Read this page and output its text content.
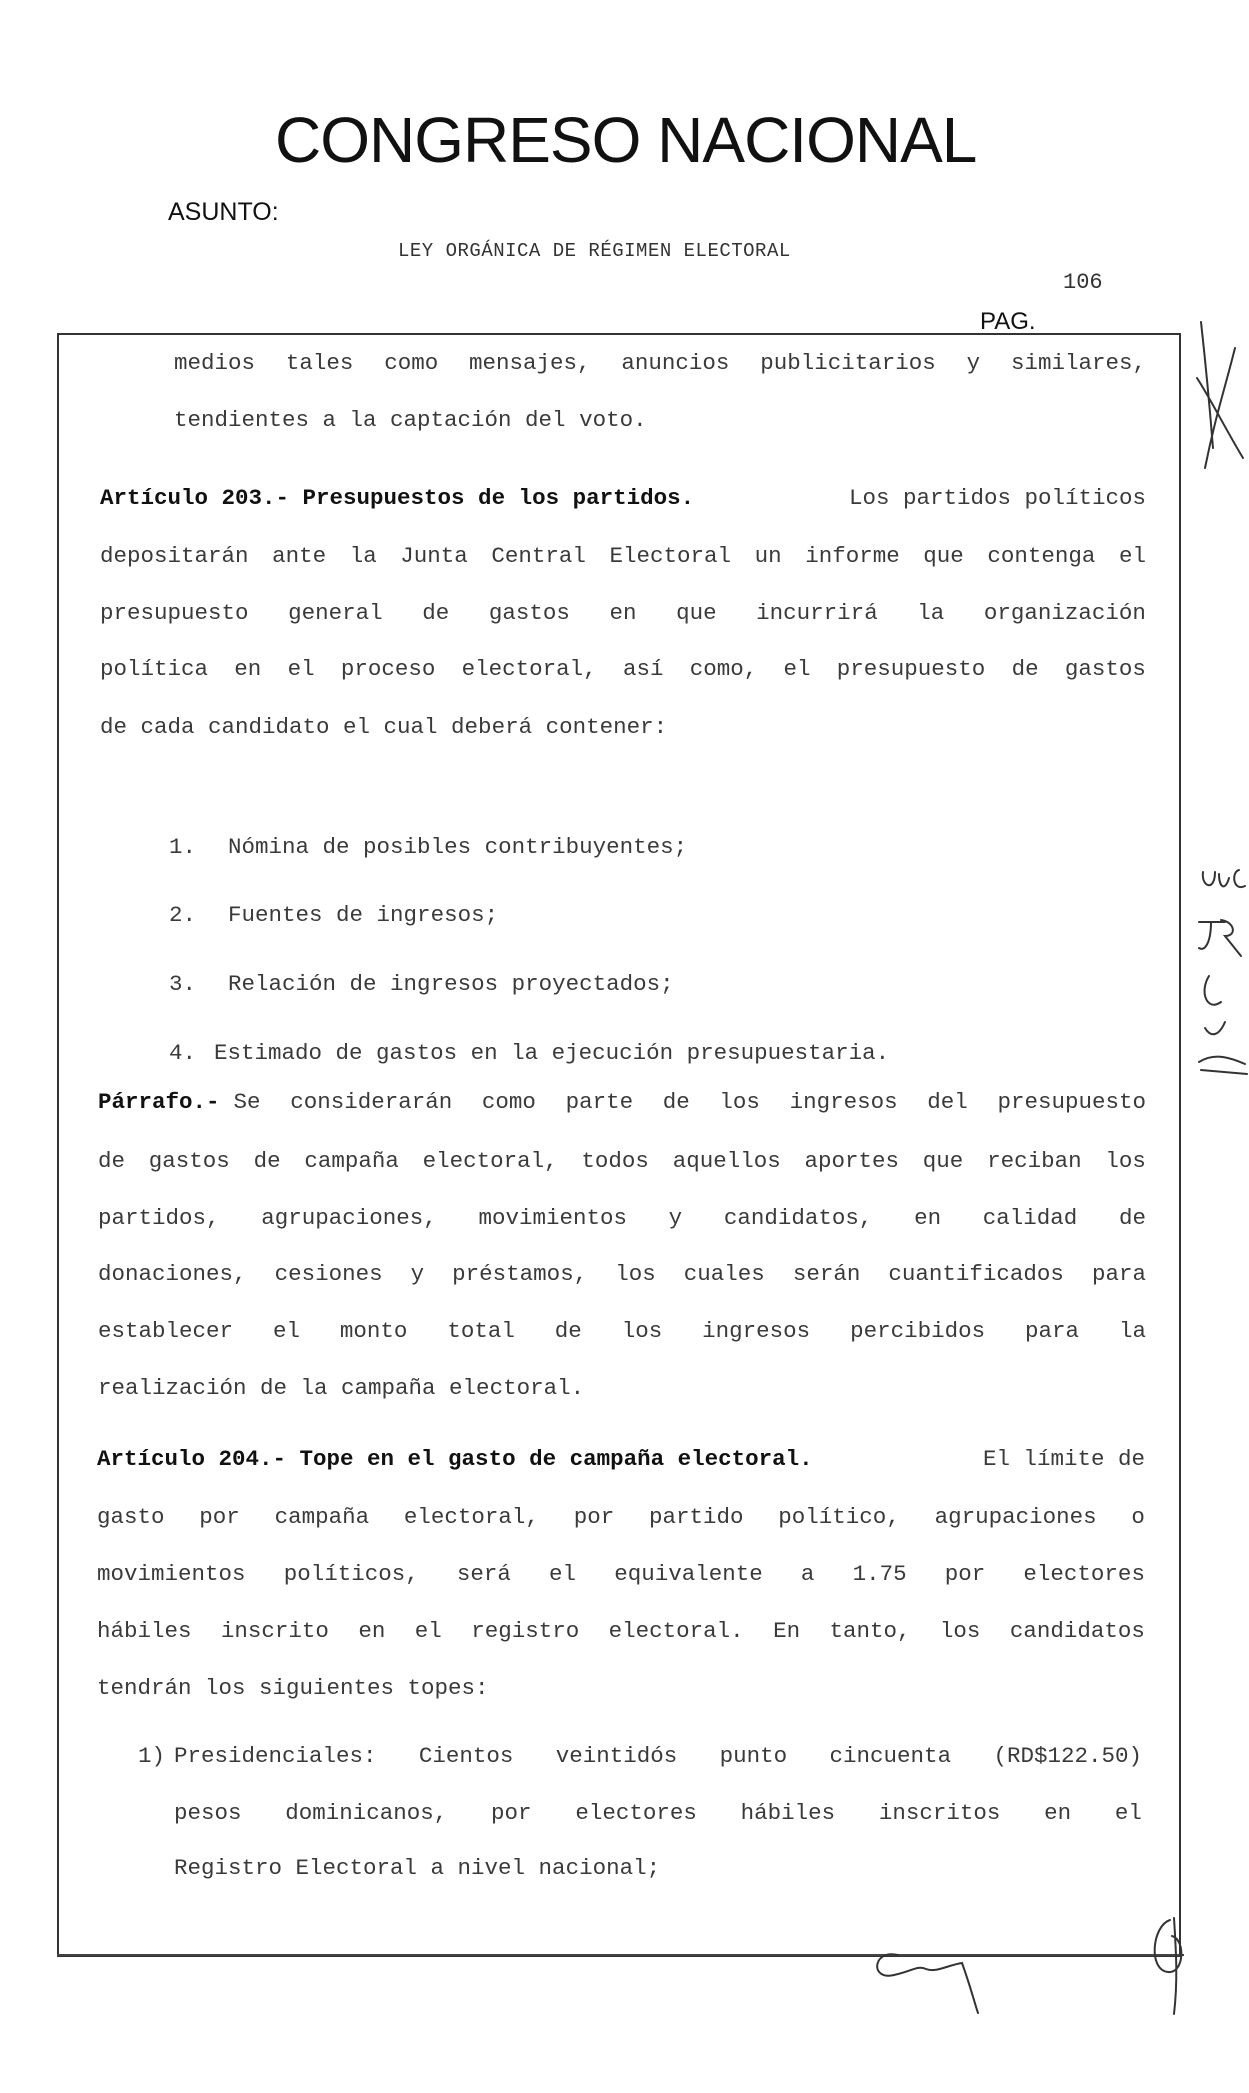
CONGRESO NACIONAL
ASUNTO:
LEY ORGÁNICA DE RÉGIMEN ELECTORAL
106
PAG.
medios tales como mensajes, anuncios publicitarios y similares,
tendientes a la captación del voto.
Artículo 203.- Presupuestos de los partidos.	Los partidos políticos
depositarán ante la Junta Central Electoral un informe que contenga el
presupuesto general de gastos en que incurrirá la organización
política en el proceso electoral, así como, el presupuesto de gastos
de cada candidato el cual deberá contener:

1. Nómina de posibles contribuyentes;

2. Fuentes de ingresos;

3. Relación de ingresos proyectados;

4. Estimado de gastos en la ejecución presupuestaria.

Párrafo.- Se considerarán como parte de los ingresos del presupuesto
de gastos de campaña electoral, todos aquellos aportes que reciban los
partidos, agrupaciones, movimientos y candidatos, en calidad de
donaciones, cesiones y préstamos, los cuales serán cuantificados para
establecer el monto total de los ingresos percibidos para la
realización de la campaña electoral.
Artículo 204.- Tope en el gasto de campaña electoral.	El límite de
gasto por campaña electoral, por partido político, agrupaciones o
movimientos políticos, será el equivalente a 1.75 por electores
hábiles inscrito en el registro electoral. En tanto, los candidatos
tendrán los siguientes topes:
1) Presidenciales: Cientos veintidós punto cincuenta (RD$122.50)
pesos dominicanos, por electores hábiles inscritos en el
Registro Electoral a nivel nacional;
